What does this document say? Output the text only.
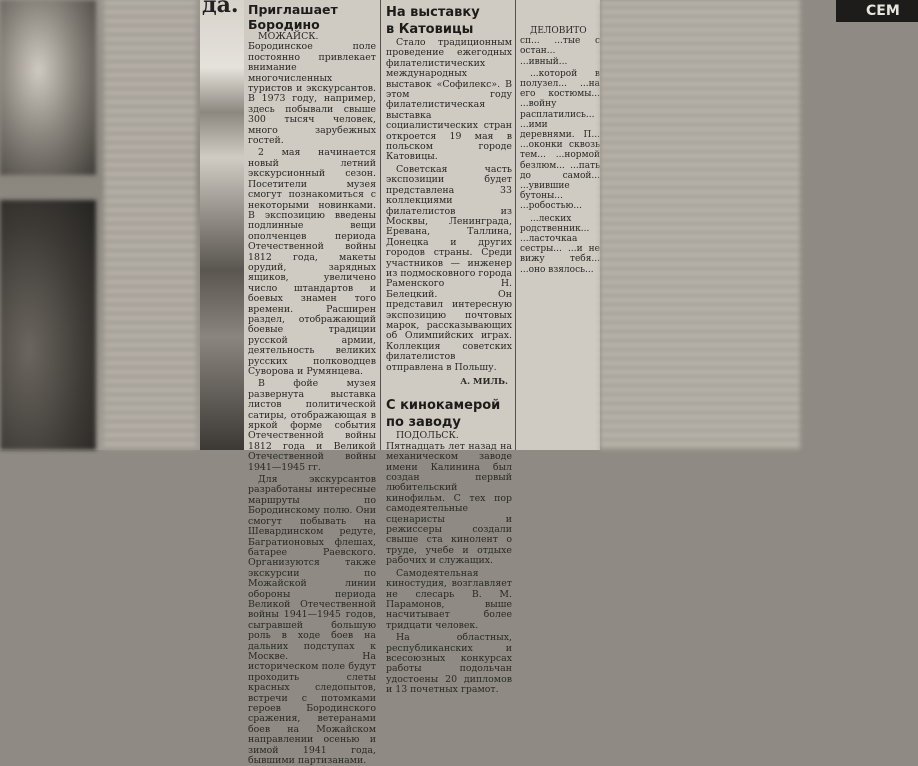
да. Приглашает
Бородино

МОЖАЙСК. Бородинское поле постоянно привлекает внимание многочисленных туристов и экскурсантов. В 1973 году, например, здесь побывали свыше 300 тысяч человек, много зарубежных гостей.

2 мая начинается новый летний экскурсионный сезон. Посетители музея смогут познакомиться с некоторыми новинками. В экспозицию введены подлинные вещи ополченцев периода Отечественной войны 1812 года, макеты орудий, зарядных ящиков, увеличено число штандартов и боевых знамен того времени. Расширен раздел, отображающий боевые традиции русской армии, деятельность великих русских полководцев Суворова и Румянцева.

В фойе музея развернута выставка листов политической сатиры, отображающая в яркой форме события Отечественной войны 1812 года и Великой Отечественной войны 1941—1945 гг.

Для экскурсантов разработаны интересные маршруты по Бородинскому полю. Они смогут побывать на Шевардинском редуте, Багратионовых флешах, батарее Раевского. Организуются также экскурсии по Можайской линии обороны периода Великой Отечественной войны 1941—1945 годов, сыгравшей большую роль в ходе боев на дальних подступах к Москве. На историческом поле будут проходить слеты красных следопытов, встречи с потомками героев Бородинского сражения, ветеранами боев на Можайском направлении осенью и зимой 1941 года, бывшими партизанами.

На выставку
в Катовицы

Стало традиционным проведение ежегодных филателистических международных выставок «Софилекс». В этом году филателистическая выставка социалистических стран откроется 19 мая в польском городе Катовицы.

Советская часть экспозиции будет представлена 33 коллекциями филателистов из Москвы, Ленинграда, Еревана, Таллина, Донецка и других городов страны. Среди участников — инженер из подмосковного города Раменского Н. Белецкий. Он представил интересную экспозицию почтовых марок, рассказывающих об Олимпийских играх. Коллекция советских филателистов отправлена в Польшу.

А. МИЛЬ.
С кинокамерой
по заводу

ПОДОЛЬСК. Пятнадцать лет назад на механическом заводе имени Калинина был создан первый любительский кинофильм. С тех пор самодеятельные сценаристы и режиссеры создали свыше ста кинолент о труде, учебе и отдыхе рабочих и служащих.

Самодеятельная киностудия, возглавляет не слесарь В. М. Парамонов, выше насчитывает более тридцати человек.

На областных, республиканских и всесоюзных конкурсах работы подольчан удостоены 20 дипломов и 13 почетных грамот.

СЕМ

ДЕЛОВИТО сп... ...тые с остан... ...ивный...

...которой в полузел... ...на его костюмы... ...войну расплатились... ...ими деревнями. П... ...оконки сквозь тем... ...нормой безлюм... ...пать до самой... ...увившие бутоны... ...робостью...

...леских родственник... ...ласточкаа сестры... ...и не вижу тебя... ...оно взялось...
